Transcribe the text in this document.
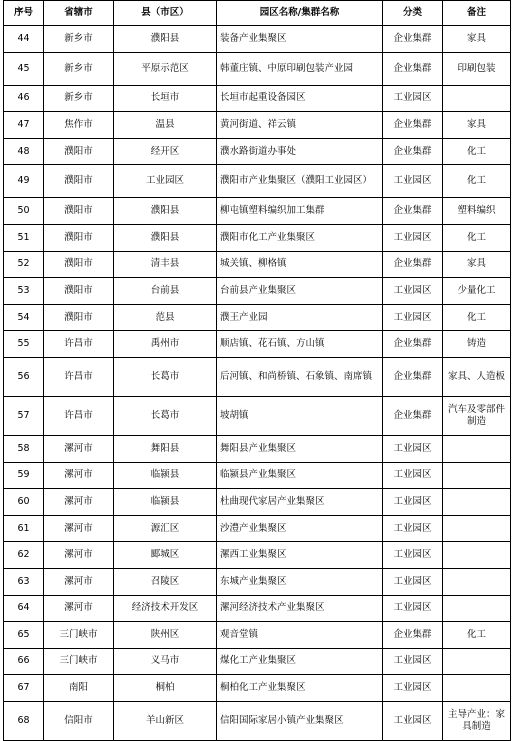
序号	省辖市	县（市区）	园区名称/集群名称	分类	备注
44	新乡市	濮阳县	装备产业集聚区	企业集群	家具
45	新乡市	平原示范区	韩董庄镇、中原印刷包装产业园	企业集群	印刷包装
46	新乡市	长垣市	长垣市起重设备园区	工业园区	
47	焦作市	温县	黄河街道、祥云镇	企业集群	家具
48	濮阳市	经开区	濮水路街道办事处	企业集群	化工
49	濮阳市	工业园区	濮阳市产业集聚区（濮阳工业园区）	工业园区	化工
50	濮阳市	濮阳县	柳屯镇塑料编织加工集群	企业集群	塑料编织
51	濮阳市	濮阳县	濮阳市化工产业集聚区	工业园区	化工
52	濮阳市	清丰县	城关镇、柳格镇	企业集群	家具
53	濮阳市	台前县	台前县产业集聚区	工业园区	少量化工
54	濮阳市	范县	濮王产业园	工业园区	化工
55	许昌市	禹州市	顺店镇、花石镇、方山镇	企业集群	铸造
56	许昌市	长葛市	后河镇、和尚桥镇、石象镇、南席镇	企业集群	家具、人造板
57	许昌市	长葛市	坡胡镇	企业集群	汽车及零部件制造
58	漯河市	舞阳县	舞阳县产业集聚区	工业园区	
59	漯河市	临颍县	临颍县产业集聚区	工业园区	
60	漯河市	临颍县	杜曲现代家居产业集聚区	工业园区	
61	漯河市	源汇区	沙澧产业集聚区	工业园区	
62	漯河市	郾城区	漯西工业集聚区	工业园区	
63	漯河市	召陵区	东城产业集聚区	工业园区	
64	漯河市	经济技术开发区	漯河经济技术产业集聚区	工业园区	
65	三门峡市	陕州区	观音堂镇	企业集群	化工
66	三门峡市	义马市	煤化工产业集聚区	工业园区	
67	南阳	桐柏	桐柏化工产业集聚区	工业园区	
68	信阳市	羊山新区	信阳国际家居小镇产业集聚区	工业园区	主导产业：家具制造
